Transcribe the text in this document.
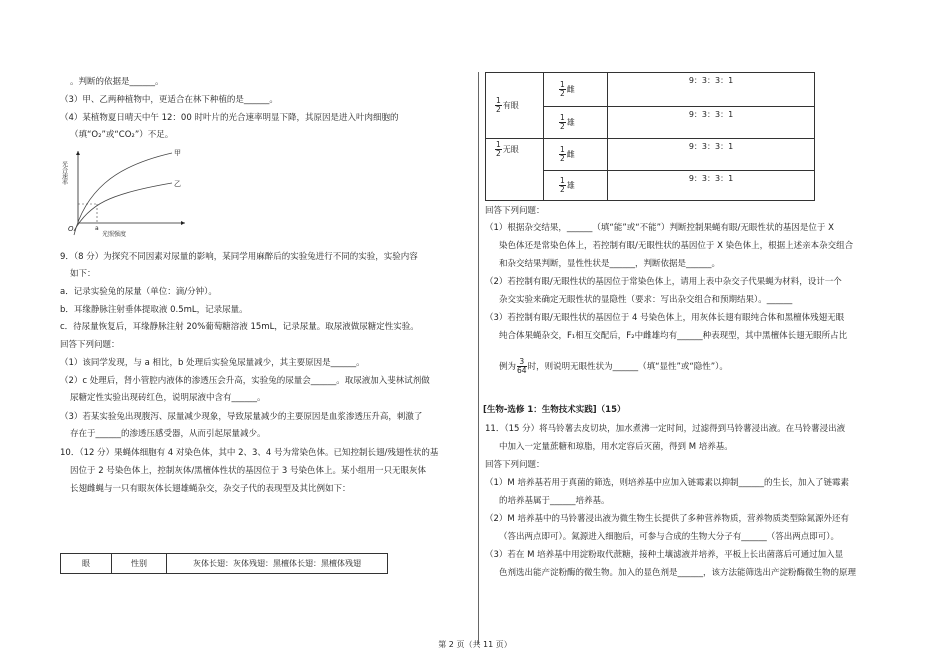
。判断的依据是______。
（3）甲、乙两种植物中，更适合在林下种植的是______。
（4）某植物夏日晴天中午 12：00 时叶片的光合速率明显下降，其原因是进入叶肉细胞的
（填“O₂”或“CO₂”）不足。
甲
乙
O	a
光照强度
光合速率
9．（8 分）为探究不同因素对尿量的影响，某同学用麻醉后的实验兔进行不同的实验，实验内容
如下：
a．记录实验兔的尿量（单位：滴/分钟）。
b．耳缘静脉注射垂体提取液 0.5mL，记录尿量。
c．待尿量恢复后，耳缘静脉注射 20%葡萄糖溶液 15mL，记录尿量。取尿液做尿糖定性实验。
回答下列问题：
（1）该同学发现，与 a 相比，b 处理后实验兔尿量减少，其主要原因是______。
（2）c 处理后，肾小管腔内液体的渗透压会升高，实验兔的尿量会______。取尿液加入斐林试剂做
尿糖定性实验出现砖红色，说明尿液中含有______。
（3）若某实验兔出现腹泻、尿量减少现象，导致尿量减少的主要原因是血浆渗透压升高，刺激了
存在于______的渗透压感受器，从而引起尿量减少。
10．（12 分）果蝇体细胞有 4 对染色体，其中 2、3、4 号为常染色体。已知控制长翅/残翅性状的基
因位于 2 号染色体上，控制灰体/黑檀体性状的基因位于 3 号染色体上。某小组用一只无眼灰体
长翅雌蝇与一只有眼灰体长翅雄蝇杂交，杂交子代的表现型及其比例如下：
眼	性别	灰体长翅：灰体残翅：黑檀体长翅：黑檀体残翅
$\frac{1}{2}$ 有眼	$\frac{1}{2}$ 雌	9：3：3：1

	$\frac{1}{2}$ 雄	9：3：3：1

$\frac{1}{2}$ 无眼	$\frac{1}{2}$ 雌	9：3：3：1

	$\frac{1}{2}$ 雄	9：3：3：1
回答下列问题：
（1）根据杂交结果，______（填“能”或“不能”）判断控制果蝇有眼/无眼性状的基因是位于 X
染色体还是常染色体上，若控制有眼/无眼性状的基因位于 X 染色体上，根据上述亲本杂交组合
和杂交结果判断，显性性状是______，判断依据是______。
（2）若控制有眼/无眼性状的基因位于常染色体上，请用上表中杂交子代果蝇为材料，设计一个
杂交实验来确定无眼性状的显隐性（要求：写出杂交组合和预期结果）。______
（3）若控制有眼/无眼性状的基因位于 4 号染色体上，用灰体长翅有眼纯合体和黑檀体残翅无眼
纯合体果蝇杂交，F₁相互交配后，F₂中雌雄均有______种表现型，其中黑檀体长翅无眼所占比
例为 $\frac{3}{64}$ 时，则说明无眼性状为______（填“显性”或“隐性”）。
[生物-选修 1：生物技术实践]（15）
11．（15 分）将马铃薯去皮切块，加水煮沸一定时间，过滤得到马铃薯浸出液。在马铃薯浸出液
中加入一定量蔗糖和琼脂，用水定容后灭菌，得到 M 培养基。
回答下列问题：
（1）M 培养基若用于真菌的筛选，则培养基中应加入链霉素以抑制______的生长，加入了链霉素
的培养基属于______培养基。
（2）M 培养基中的马铃薯浸出液为微生物生长提供了多种营养物质，营养物质类型除氮源外还有
（答出两点即可）。氮源进入细胞后，可参与合成的生物大分子有______（答出两点即可）。
（3）若在 M 培养基中用淀粉取代蔗糖，接种土壤滤液并培养，平板上长出菌落后可通过加入显
色剂选出能产淀粉酶的微生物。加入的显色剂是______，该方法能筛选出产淀粉酶微生物的原理
第 2 页（共 11 页）
